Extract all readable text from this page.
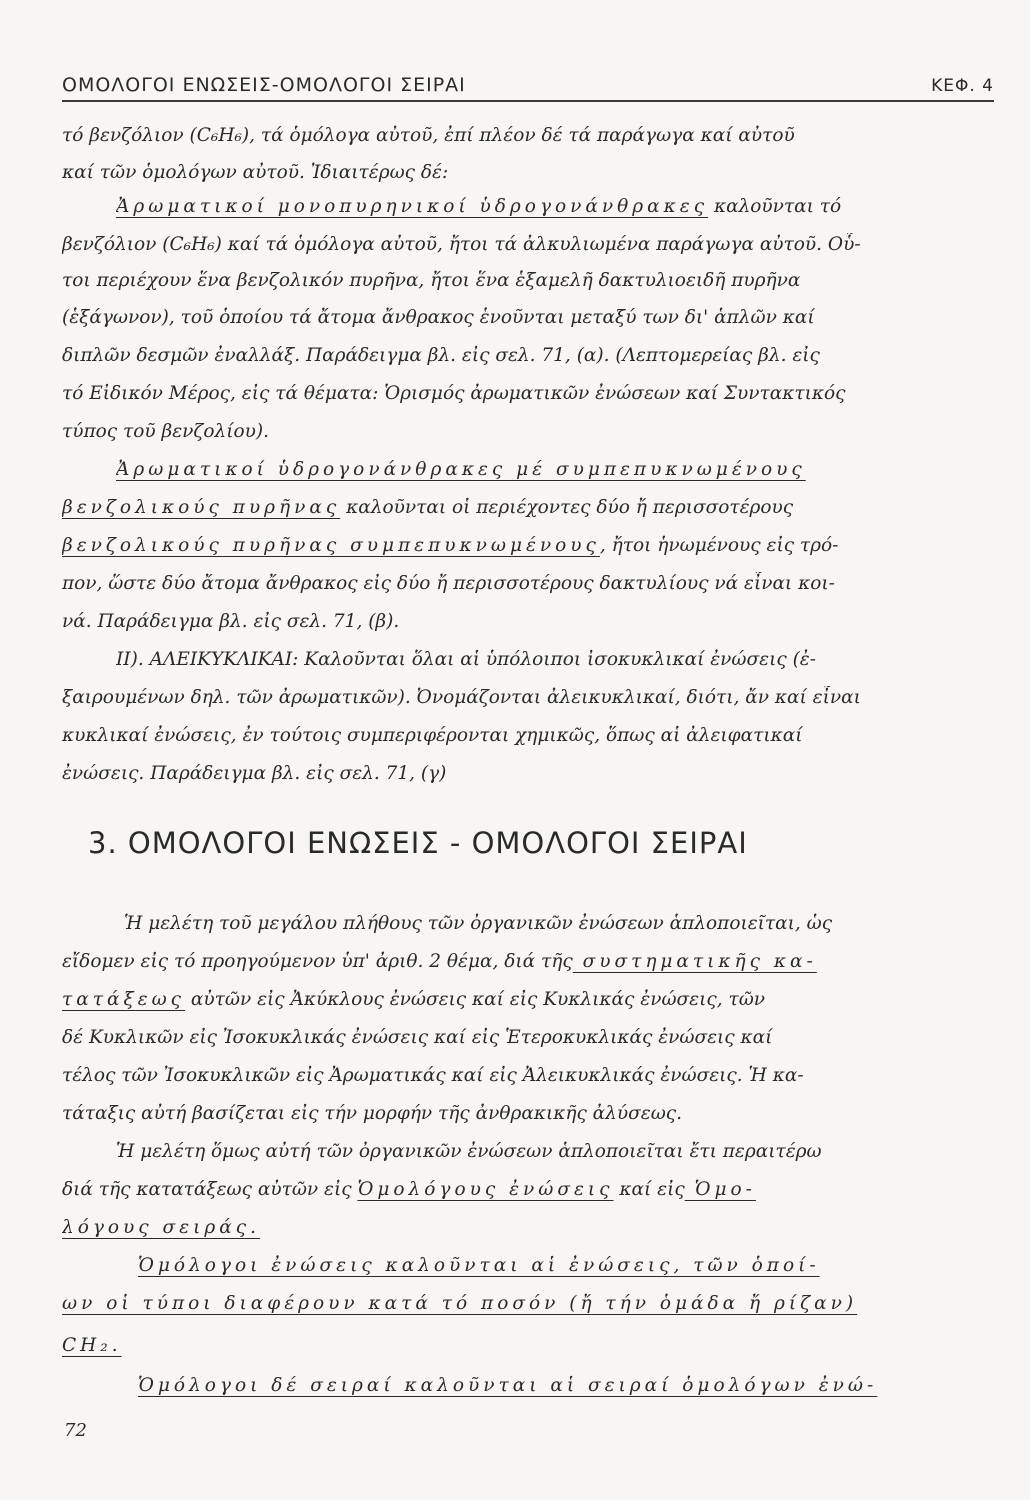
ΟΜΟΛΟΓΟΙ ΕΝΩΣΕΙΣ-ΟΜΟΛΟΓΟΙ ΣΕΙΡΑΙ	ΚΕΦ. 4
τό βενζόλιον (C₆H₆), τά ὁμόλογα αὐτοῦ, ἐπί πλέον δέ τά παράγωγα καί αὐτοῦ
καί τῶν ὁμολόγων αὐτοῦ. Ἰδιαιτέρως δέ:
Ἀρωματικοί μονοπυρηνικοί ὑδρογονάνθρακες καλοῦνται τό
βενζόλιον (C₆H₆) καί τά ὁμόλογα αὐτοῦ, ἤτοι τά ἀλκυλιωμένα παράγωγα αὐτοῦ. Οὗ-
τοι περιέχουν ἕνα βενζολικόν πυρῆνα, ἤτοι ἕνα ἑξαμελῆ δακτυλιοειδῆ πυρῆνα
(ἑξάγωνον), τοῦ ὁποίου τά ἄτομα ἄνθρακος ἑνοῦνται μεταξύ των δι' ἁπλῶν καί
διπλῶν δεσμῶν ἐναλλάξ. Παράδειγμα βλ. εἰς σελ. 71, (α). (Λεπτομερείας βλ. εἰς
τό Εἰδικόν Μέρος, εἰς τά θέματα: Ὁρισμός ἀρωματικῶν ἐνώσεων καί Συντακτικός
τύπος τοῦ βενζολίου).
Ἀρωματικοί ὑδρογονάνθρακες μέ συμπεπυκνωμένους
βενζολικούς πυρῆνας καλοῦνται οἱ περιέχοντες δύο ἤ περισσοτέρους
βενζολικούς πυρῆνας συμπεπυκνωμένους, ἤτοι ἡνωμένους εἰς τρό-
πον, ὥστε δύο ἄτομα ἄνθρακος εἰς δύο ἤ περισσοτέρους δακτυλίους νά εἶναι κοι-
νά. Παράδειγμα βλ. εἰς σελ. 71, (β).
II). ΑΛΕΙΚΥΚΛΙΚΑΙ: Καλοῦνται ὅλαι αἱ ὑπόλοιποι ἰσοκυκλικαί ἐνώσεις (ἐ-
ξαιρουμένων δηλ. τῶν ἀρωματικῶν). Ὀνομάζονται ἀλεικυκλικαί, διότι, ἄν καί εἶναι
κυκλικαί ἐνώσεις, ἐν τούτοις συμπεριφέρονται χημικῶς, ὅπως αἱ ἀλειφατικαί
ἐνώσεις. Παράδειγμα βλ. εἰς σελ. 71, (γ)
3. ΟΜΟΛΟΓΟΙ ΕΝΩΣΕΙΣ - ΟΜΟΛΟΓΟΙ ΣΕΙΡΑΙ
Ἡ μελέτη τοῦ μεγάλου πλήθους τῶν ὀργανικῶν ἐνώσεων ἁπλοποιεῖται, ὡς
εἴδομεν εἰς τό προηγούμενον ὑπ' ἀριθ. 2 θέμα, διά τῆς συστηματικῆς κα-
τατάξεως αὐτῶν εἰς Ἀκύκλους ἐνώσεις καί εἰς Κυκλικάς ἐνώσεις, τῶν
δέ Κυκλικῶν εἰς Ἰσοκυκλικάς ἐνώσεις καί εἰς Ἑτεροκυκλικάς ἐνώσεις καί
τέλος τῶν Ἰσοκυκλικῶν εἰς Ἀρωματικάς καί εἰς Ἀλεικυκλικάς ἐνώσεις. Ἡ κα-
τάταξις αὐτή βασίζεται εἰς τήν μορφήν τῆς ἀνθρακικῆς ἀλύσεως.
Ἡ μελέτη ὅμως αὐτή τῶν ὀργανικῶν ἐνώσεων ἁπλοποιεῖται ἔτι περαιτέρω
διά τῆς κατατάξεως αὐτῶν εἰς Ὁμολόγους ἐνώσεις καί εἰς Ὁμο-
λόγους σειράς.
Ὁμόλογοι ἐνώσεις καλοῦνται αἱ ἐνώσεις, τῶν ὁποί-
ων οἱ τύποι διαφέρουν κατά τό ποσόν (ἤ τήν ὁμάδα ἤ ρίζαν)
CH₂.
Ὁμόλογοι δέ σειραί καλοῦνται αἱ σειραί ὁμολόγων ἐνώ-
72
